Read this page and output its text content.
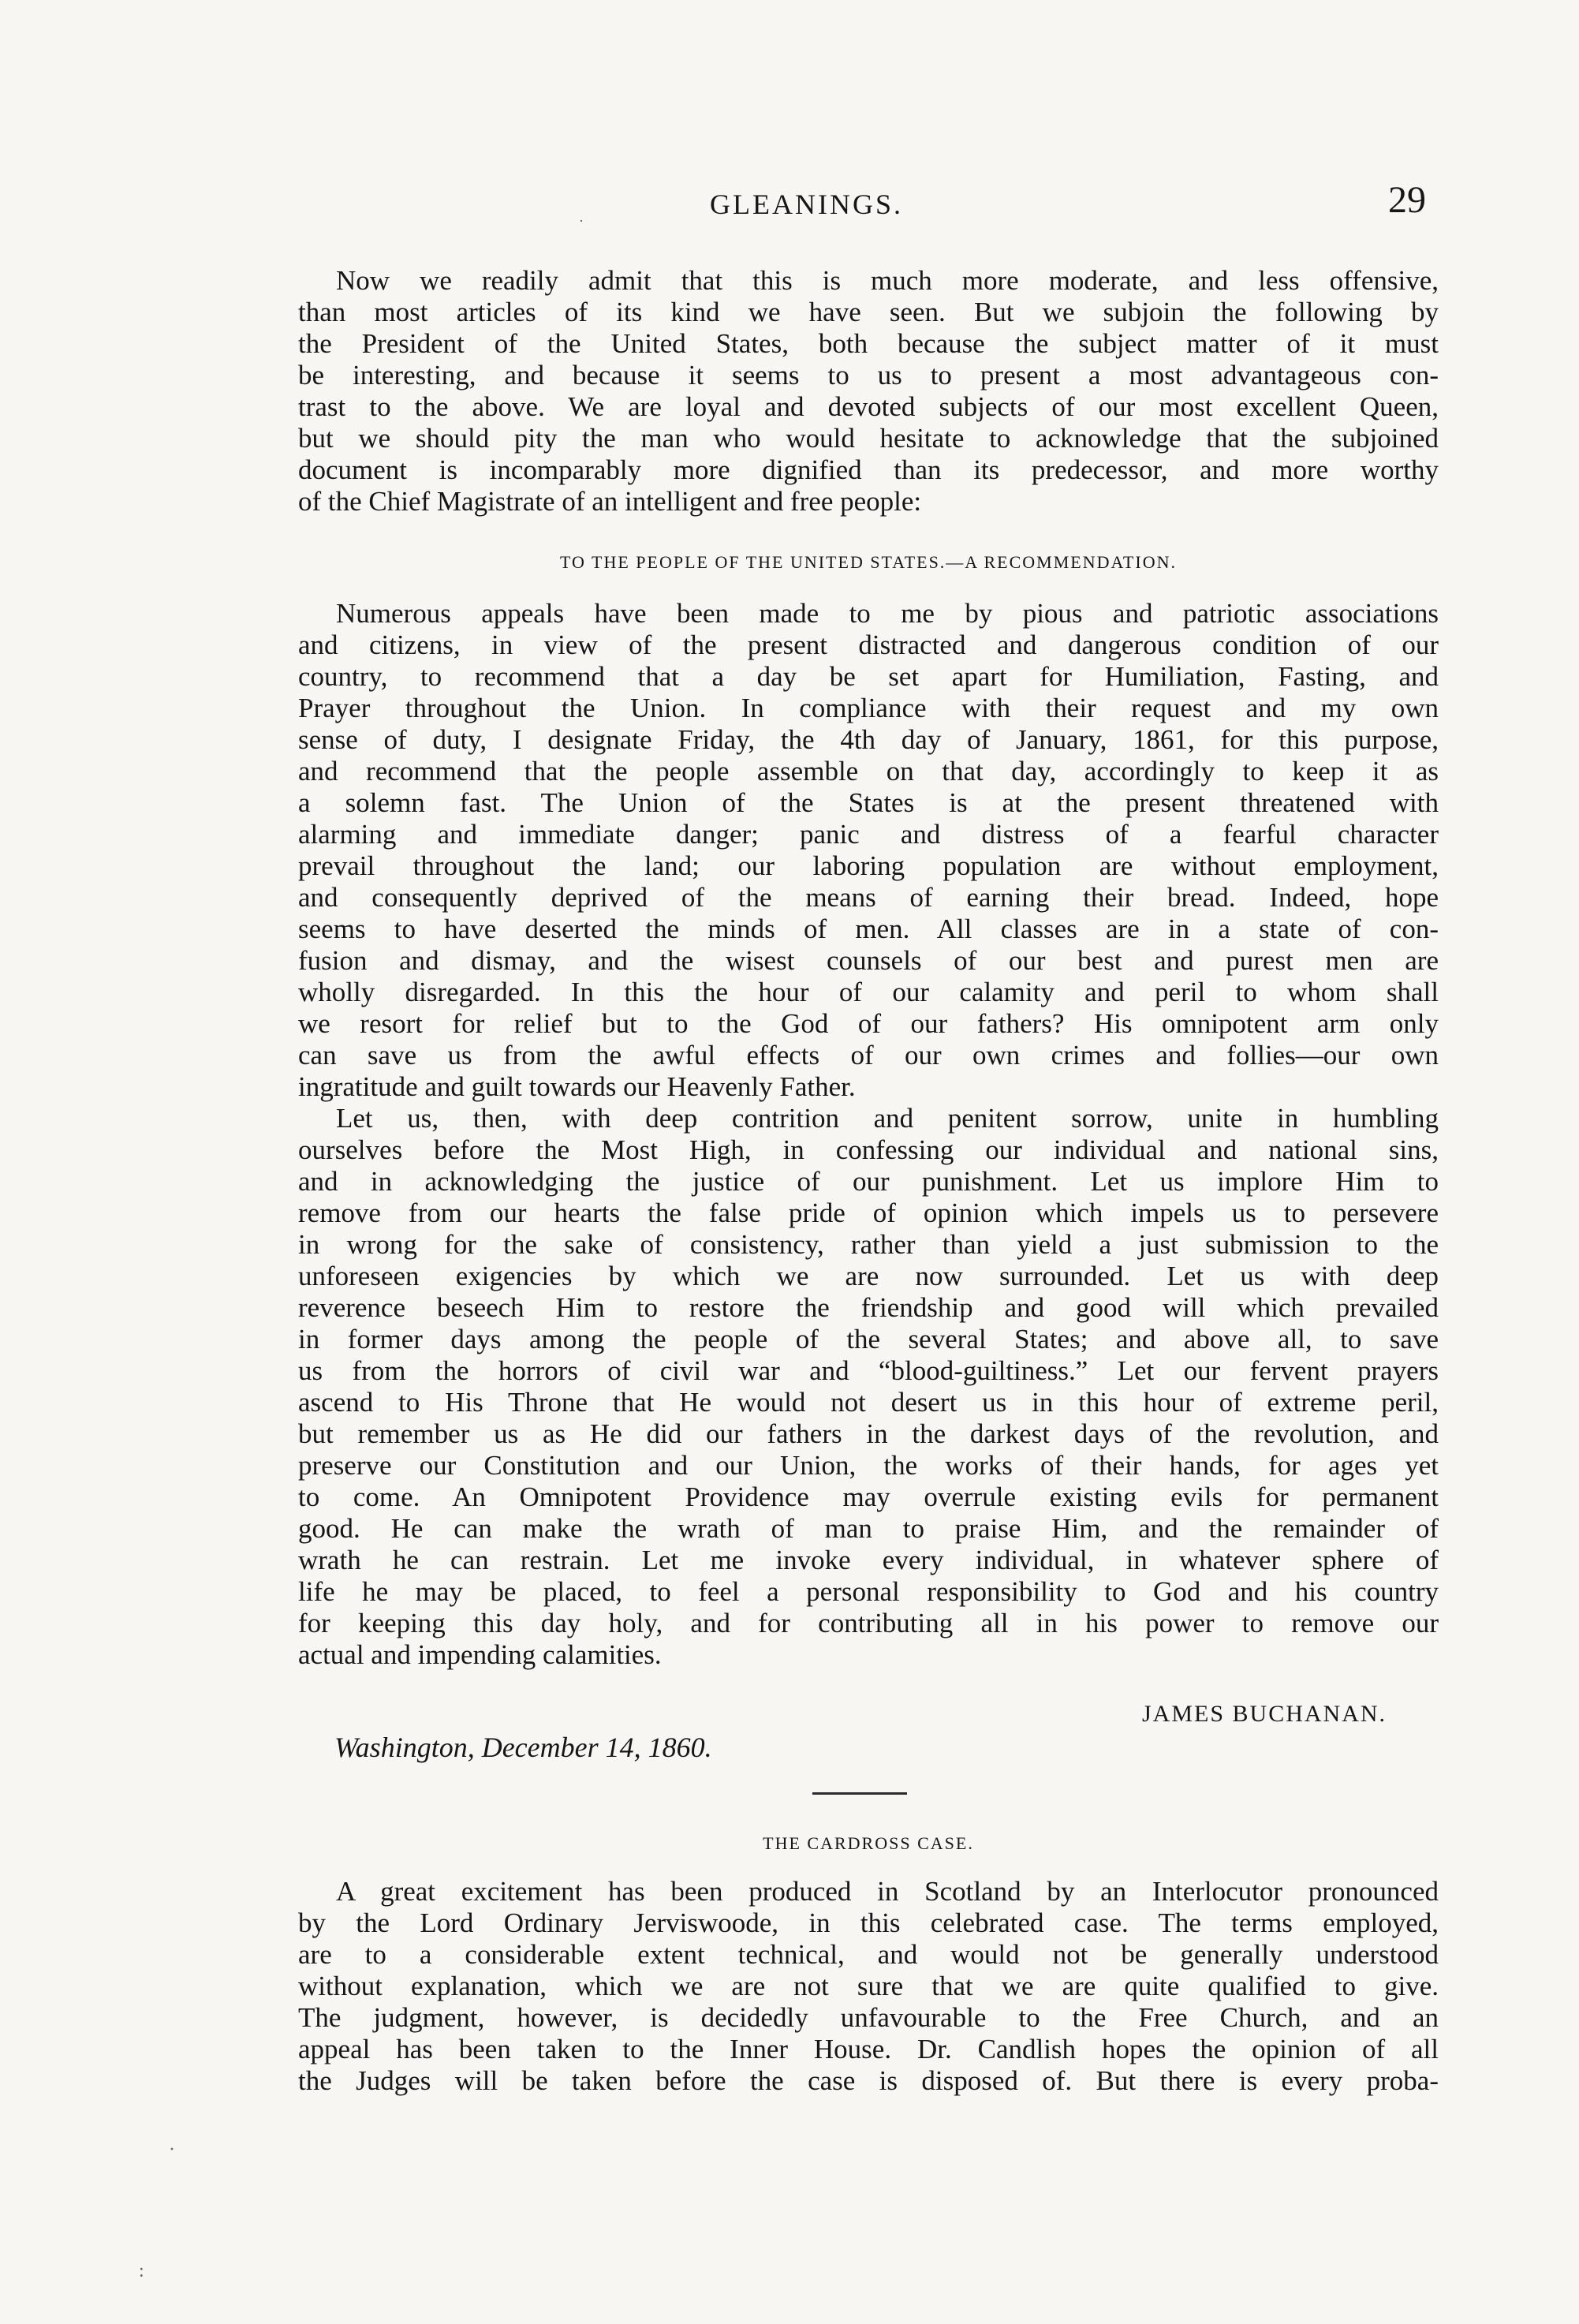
·
GLEANINGS.	29

Now we readily admit that this is much more moderate, and less offensive,

than most articles of its kind we have seen. But we subjoin the following by

the President of the United States, both because the subject matter of it must

be interesting, and because it seems to us to present a most advantageous con-

trast to the above. We are loyal and devoted subjects of our most excellent Queen,

but we should pity the man who would hesitate to acknowledge that the subjoined

document is incomparably more dignified than its predecessor, and more worthy

of the Chief Magistrate of an intelligent and free people:

TO THE PEOPLE OF THE UNITED STATES.—A RECOMMENDATION.

Numerous appeals have been made to me by pious and patriotic associations

and citizens, in view of the present distracted and dangerous condition of our

country, to recommend that a day be set apart for Humiliation, Fasting, and

Prayer throughout the Union. In compliance with their request and my own

sense of duty, I designate Friday, the 4th day of January, 1861, for this purpose,

and recommend that the people assemble on that day, accordingly to keep it as

a solemn fast. The Union of the States is at the present threatened with

alarming and immediate danger; panic and distress of a fearful character

prevail throughout the land; our laboring population are without employment,

and consequently deprived of the means of earning their bread. Indeed, hope

seems to have deserted the minds of men. All classes are in a state of con-

fusion and dismay, and the wisest counsels of our best and purest men are

wholly disregarded. In this the hour of our calamity and peril to whom shall

we resort for relief but to the God of our fathers? His omnipotent arm only

can save us from the awful effects of our own crimes and follies—our own

ingratitude and guilt towards our Heavenly Father.

Let us, then, with deep contrition and penitent sorrow, unite in humbling

ourselves before the Most High, in confessing our individual and national sins,

and in acknowledging the justice of our punishment. Let us implore Him to

remove from our hearts the false pride of opinion which impels us to persevere

in wrong for the sake of consistency, rather than yield a just submission to the

unforeseen exigencies by which we are now surrounded. Let us with deep

reverence beseech Him to restore the friendship and good will which prevailed

in former days among the people of the several States; and above all, to save

us from the horrors of civil war and “blood-guiltiness.” Let our fervent prayers

ascend to His Throne that He would not desert us in this hour of extreme peril,

but remember us as He did our fathers in the darkest days of the revolution, and

preserve our Constitution and our Union, the works of their hands, for ages yet

to come. An Omnipotent Providence may overrule existing evils for permanent

good. He can make the wrath of man to praise Him, and the remainder of

wrath he can restrain. Let me invoke every individual, in whatever sphere of

life he may be placed, to feel a personal responsibility to God and his country

for keeping this day holy, and for contributing all in his power to remove our

actual and impending calamities.

JAMES BUCHANAN.
Washington, December 14, 1860.

THE CARDROSS CASE.

A great excitement has been produced in Scotland by an Interlocutor pronounced

by the Lord Ordinary Jerviswoode, in this celebrated case. The terms employed,

are to a considerable extent technical, and would not be generally understood

without explanation, which we are not sure that we are quite qualified to give.

The judgment, however, is decidedly unfavourable to the Free Church, and an

appeal has been taken to the Inner House. Dr. Candlish hopes the opinion of all

the Judges will be taken before the case is disposed of. But there is every proba-

·
:
